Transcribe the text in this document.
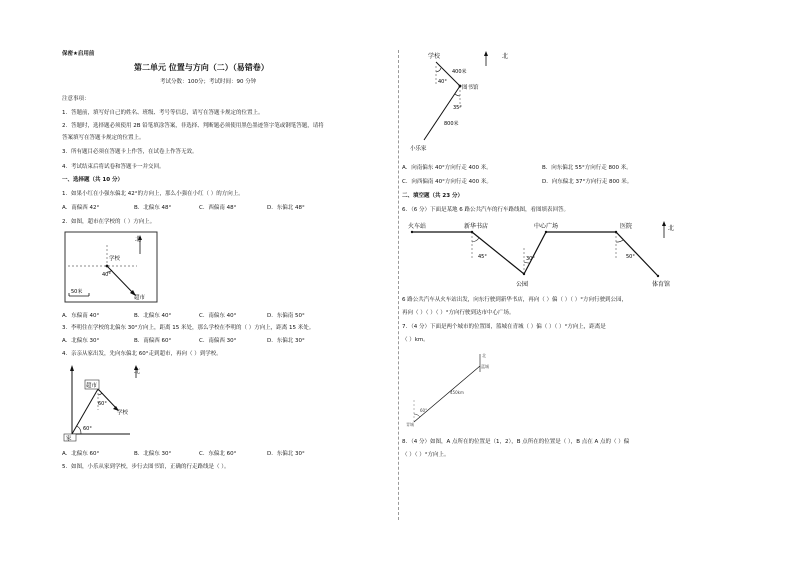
保密★启用前
第二单元 位置与方向（二）（易错卷）
考试分数：100分；考试时间：90 分钟
注意事项：
1．答题前，填写好自己的姓名、班级、考号等信息，请写在答题卡规定的位置上。
2．答题时，选择题必须使用 2B 铅笔填涂答案，非选择、判断题必须使用黑色墨迹签字笔或钢笔答题，请将
答案填写在答题卡规定的位置上。
3．所有题目必须在答题卡上作答，在试卷上作答无效。
4．考试结束后将试卷和答题卡一并交回。
一、选择题（共 10 分）
1．如果小红在小强东偏北 42°的方向上，那么小强在小红（ ）的方向上。
A．南偏西 42°	B．北偏东 48°	C．西偏南 48°	D．东偏北 48°
2．如图，超市在学校的（ ）方向上。
北
学校
40°
超市
50米
A．东偏南 40°	B．北偏东 40°	C．南偏东 40°	D．东偏南 50°
3．李明住在学校的北偏东 30°方向上，距离 15 米处，那么学校在李明的（ ）方向上，距离 15 米处。
A．北偏东 30°	B．南偏西 60°	C．南偏西 30°	D．东偏北 30°
4．亲亲从家出发，先向东偏北 60°走到超市，再向（ ）到学校。
超市
北
60°
学校
60°
家
A．北偏东 60°	B．北偏东 30°	C．东偏北 60°	D．东偏北 30°
5．如图，小乐从家到学校，步行去图书馆，正确的行走路线是（ ）。
学校	北
400米
40°
图书馆
35°
800米
小乐家
A．向南偏东 40°方向行走 400 米。	B．向东偏北 55°方向行走 800 米。
C．向西偏南 40°方向行走 400 米。	D．向东偏北 37°方向行走 800 米。
二、填空题（共 23 分）
6．（6 分）下面是某地 6 路公共汽车的行车路线图，看图填表回答。
火车站	新华书店	中心广场	医院	北
45°	30°	50°
公园	体育馆
6 路公共汽车从火车站出发，向东行驶到新华书店，再向（ ）偏（ ）（ ）°方向行驶到公园，
再向（ ）（ ）（ ）°方向行驶到达市中心广场。
7．（4 分）下面是两个城市的位置图，篮城在青城（ ）偏（ ）（ ）°方向上，距离是
（ ）km。
北
蓝城
60°
450km
青城
8．（4 分）如图，A 点所在的位置是（1，2），B 点所在的位置是（ ），B 点在 A 点的（ ）偏
（ ）（ ）°方向上。
